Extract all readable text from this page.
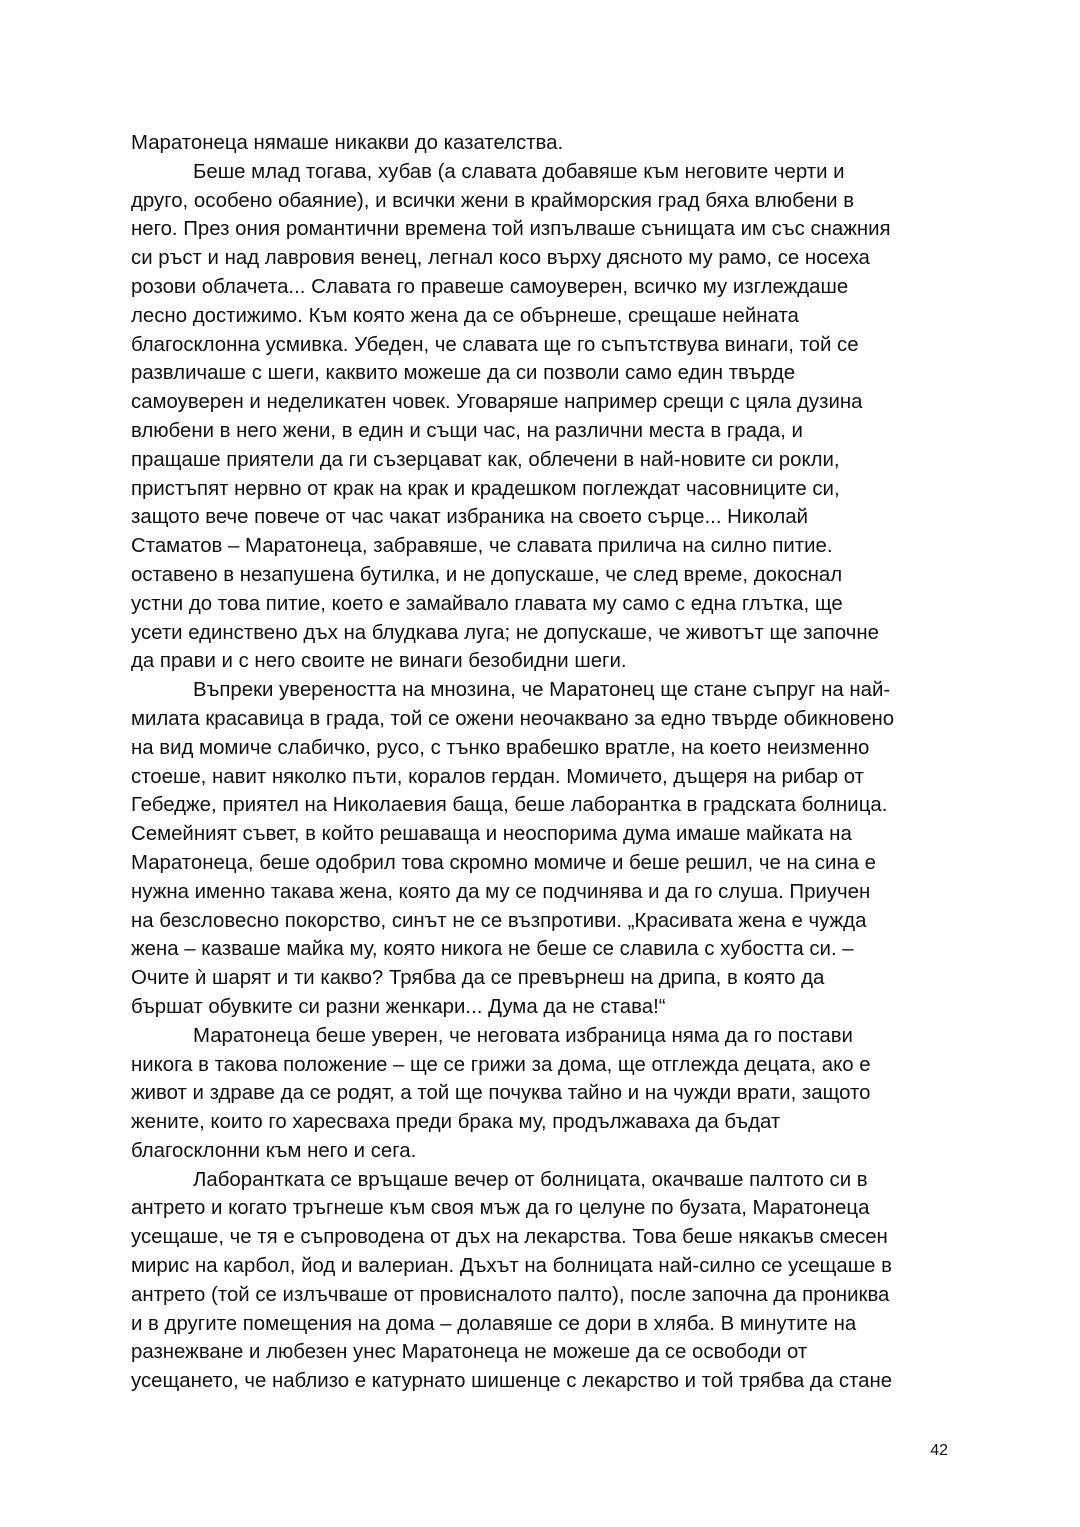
Маратонеца нямаше никакви до казателства.
Беше млад тогава, хубав (а славата добавяше към неговите черти и
друго, особено обаяние), и всички жени в крайморския град бяха влюбени в
него. През ония романтични времена той изпълваше сънищата им със снажния
си ръст и над лавровия венец, легнал косо върху дясното му рамо, се носеха
розови облачета... Славата го правеше самоуверен, всичко му изглеждаше
лесно достижимо. Към която жена да се обърнеше, срещаше нейната
благосклонна усмивка. Убеден, че славата ще го съпътствува винаги, той се
развличаше с шеги, каквито можеше да си позволи само един твърде
самоуверен и неделикатен човек. Уговаряше например срещи с цяла дузина
влюбени в него жени, в един и същи час, на различни места в града, и
пращаше приятели да ги съзерцават как, облечени в най-новите си рокли,
пристъпят нервно от крак на крак и крадешком поглеждат часовниците си,
защото вече повече от час чакат избраника на своето сърце... Николай
Стаматов – Маратонеца, забравяше, че славата прилича на силно питие.
оставено в незапушена бутилка, и не допускаше, че след време, докоснал
устни до това питие, което е замайвало главата му само с една глътка, ще
усети единствено дъх на блудкава луга; не допускаше, че животът ще започне
да прави и с него своите не винаги безобидни шеги.
Въпреки увереността на мнозина, че Маратонец ще стане съпруг на най-
милата красавица в града, той се ожени неочаквано за едно твърде обикновено
на вид момиче слабичко, русо, с тънко врабешко вратле, на което неизменно
стоеше, навит няколко пъти, коралов гердан. Момичето, дъщеря на рибар от
Гебедже, приятел на Николаевия баща, беше лаборантка в градската болница.
Семейният съвет, в който решаваща и неоспорима дума имаше майката на
Маратонеца, беше одобрил това скромно момиче и беше решил, че на сина е
нужна именно такава жена, която да му се подчинява и да го слуша. Приучен
на безсловесно покорство, синът не се възпротиви. „Красивата жена е чужда
жена – казваше майка му, която никога не беше се славила с хубостта си. –
Очите ѝ шарят и ти какво? Трябва да се превърнеш на дрипа, в която да
бършат обувките си разни женкари... Дума да не става!“
Маратонеца беше уверен, че неговата избраница няма да го постави
никога в такова положение – ще се грижи за дома, ще отглежда децата, ако е
живот и здраве да се родят, а той ще почуква тайно и на чужди врати, защото
жените, които го харесваха преди брака му, продължаваха да бъдат
благосклонни към него и сега.
Лаборантката се връщаше вечер от болницата, окачваше палтото си в
антрето и когато тръгнеше към своя мъж да го целуне по бузата, Маратонеца
усещаше, че тя е съпроводена от дъх на лекарства. Това беше някакъв смесен
мирис на карбол, йод и валериан. Дъхът на болницата най-силно се усещаше в
антрето (той се излъчваше от провисналото палто), после започна да прониква
и в другите помещения на дома – долавяше се дори в хляба. В минутите на
разнежване и любезен унес Маратонеца не можеше да се освободи от
усещането, че наблизо е катурнато шишенце с лекарство и той трябва да стане
42
